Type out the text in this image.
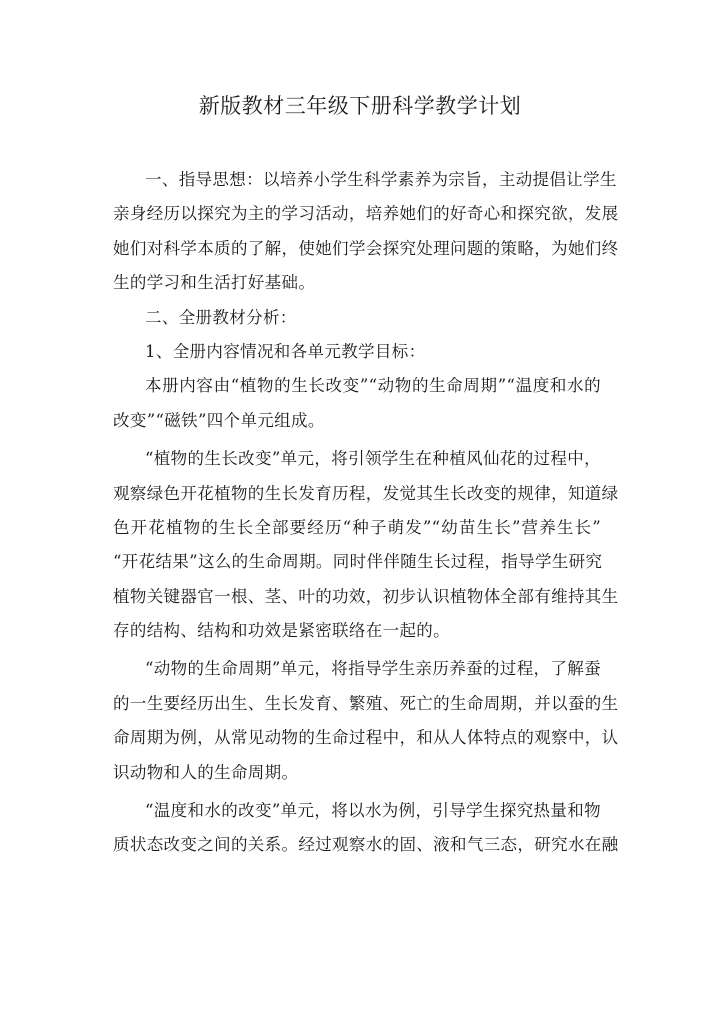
新版教材三年级下册科学教学计划
一、指导思想：以培养小学生科学素养为宗旨，主动提倡让学生
亲身经历以探究为主的学习活动，培养她们的好奇心和探究欲，发展
她们对科学本质的了解，使她们学会探究处理问题的策略，为她们终
生的学习和生活打好基础。
二、全册教材分析：
1、全册内容情况和各单元教学目标：
本册内容由“植物的生长改变”“动物的生命周期”“温度和水的
改变”“磁铁”四个单元组成。
“植物的生长改变”单元，将引领学生在种植风仙花的过程中，
观察绿色开花植物的生长发育历程，发觉其生长改变的规律，知道绿
色开花植物的生长全部要经历“种子萌发”“幼苗生长”营养生长”
“开花结果”这么的生命周期。同时伴伴随生长过程，指导学生研究
植物关键器官一根、茎、叶的功效，初步认识植物体全部有维持其生
存的结构、结构和功效是紧密联络在一起的。
“动物的生命周期”单元，将指导学生亲历养蚕的过程，了解蚕
的一生要经历出生、生长发育、繁殖、死亡的生命周期，并以蚕的生
命周期为例，从常见动物的生命过程中，和从人体特点的观察中，认
识动物和人的生命周期。
“温度和水的改变”单元，将以水为例，引导学生探究热量和物
质状态改变之间的关系。经过观察水的固、液和气三态，研究水在融
